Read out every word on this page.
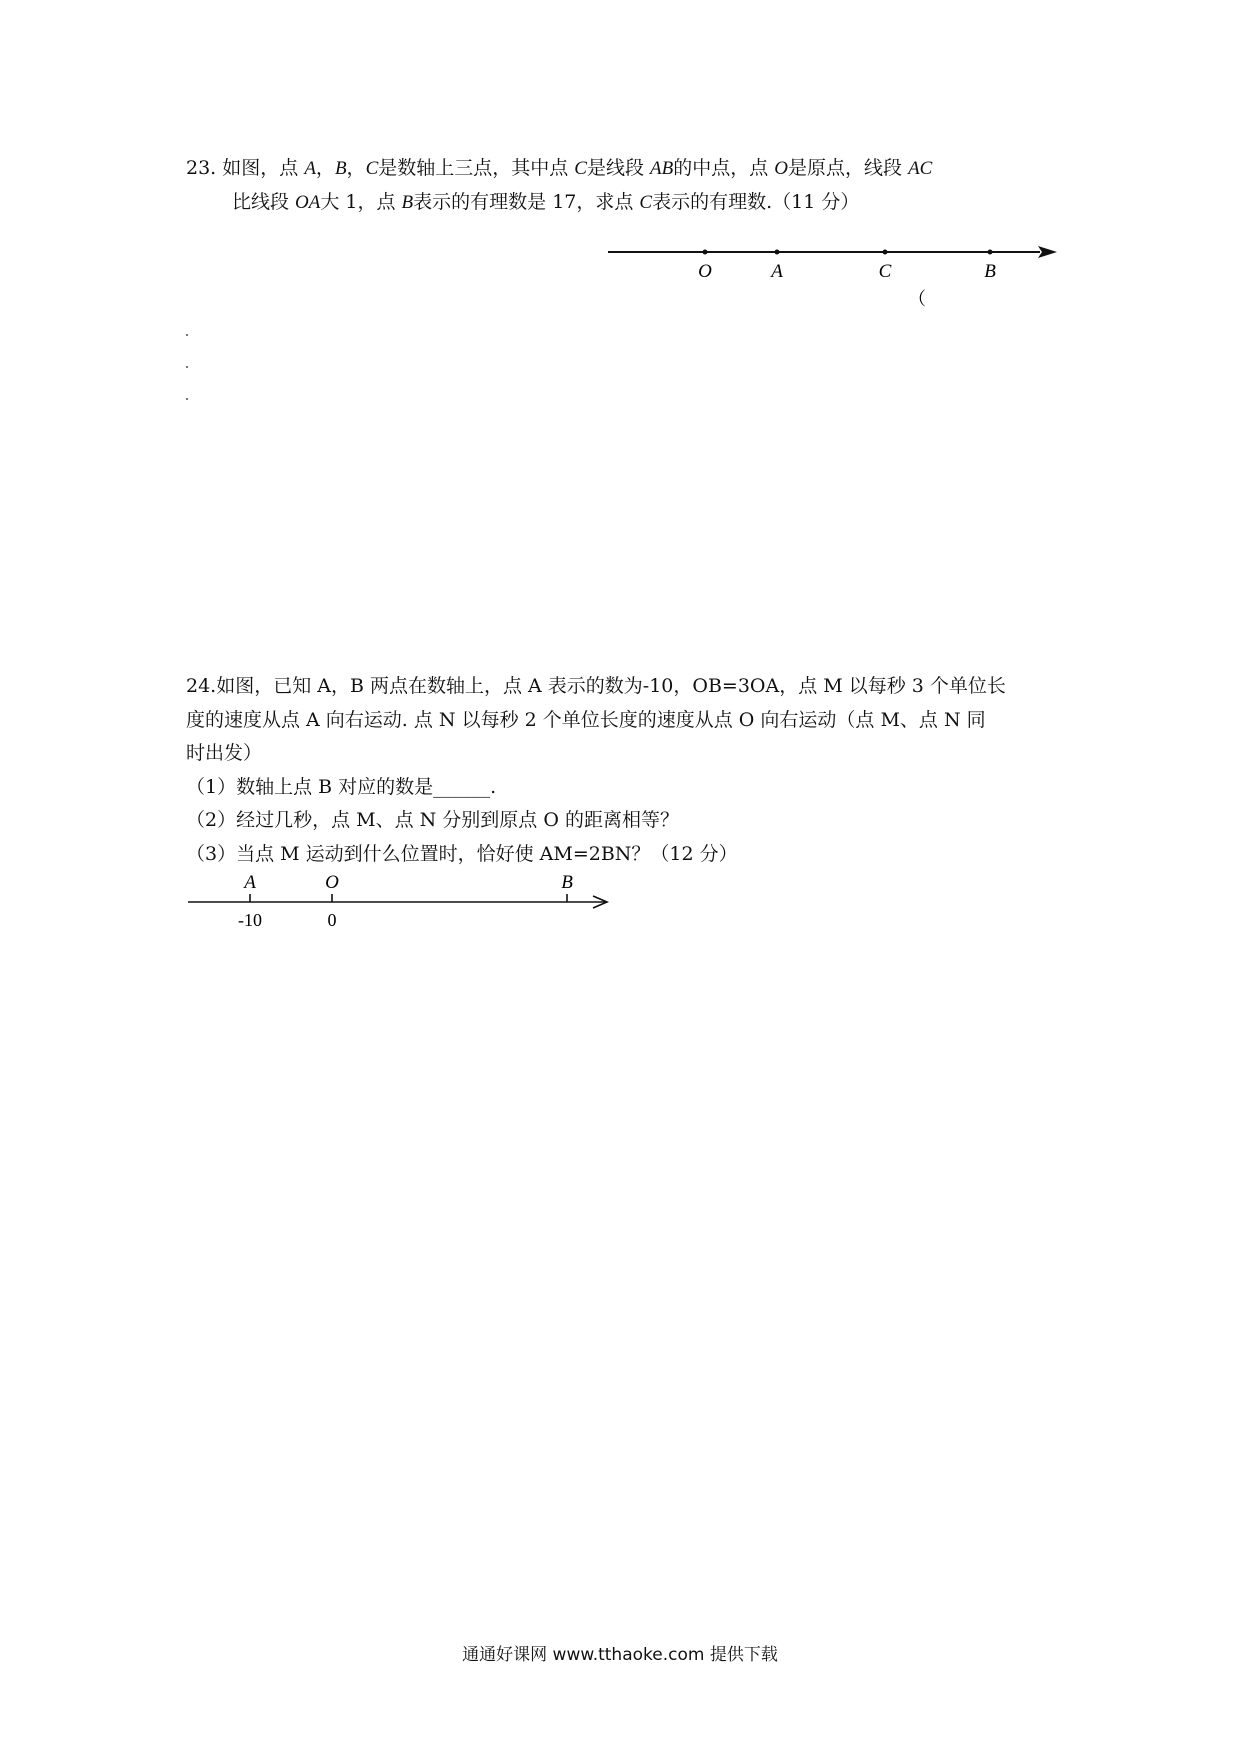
23. 如图，点 A，B，C是数轴上三点，其中点 C是线段 AB的中点，点 O是原点，线段 AC
比线段 OA大 1，点 B表示的有理数是 17，求点 C表示的有理数.（11 分）
O	A	C	B
（
24.如图，已知 A，B 两点在数轴上，点 A 表示的数为-10，OB=3OA，点 M 以每秒 3 个单位长
度的速度从点 A 向右运动. 点 N 以每秒 2 个单位长度的速度从点 O 向右运动（点 M、点 N 同
时出发）
（1）数轴上点 B 对应的数是______.
（2）经过几秒，点 M、点 N 分别到原点 O 的距离相等？
（3）当点 M 运动到什么位置时，恰好使 AM=2BN？（12 分）
A	O	B
-10	0
通通好课网 www.tthaoke.com 提供下载
